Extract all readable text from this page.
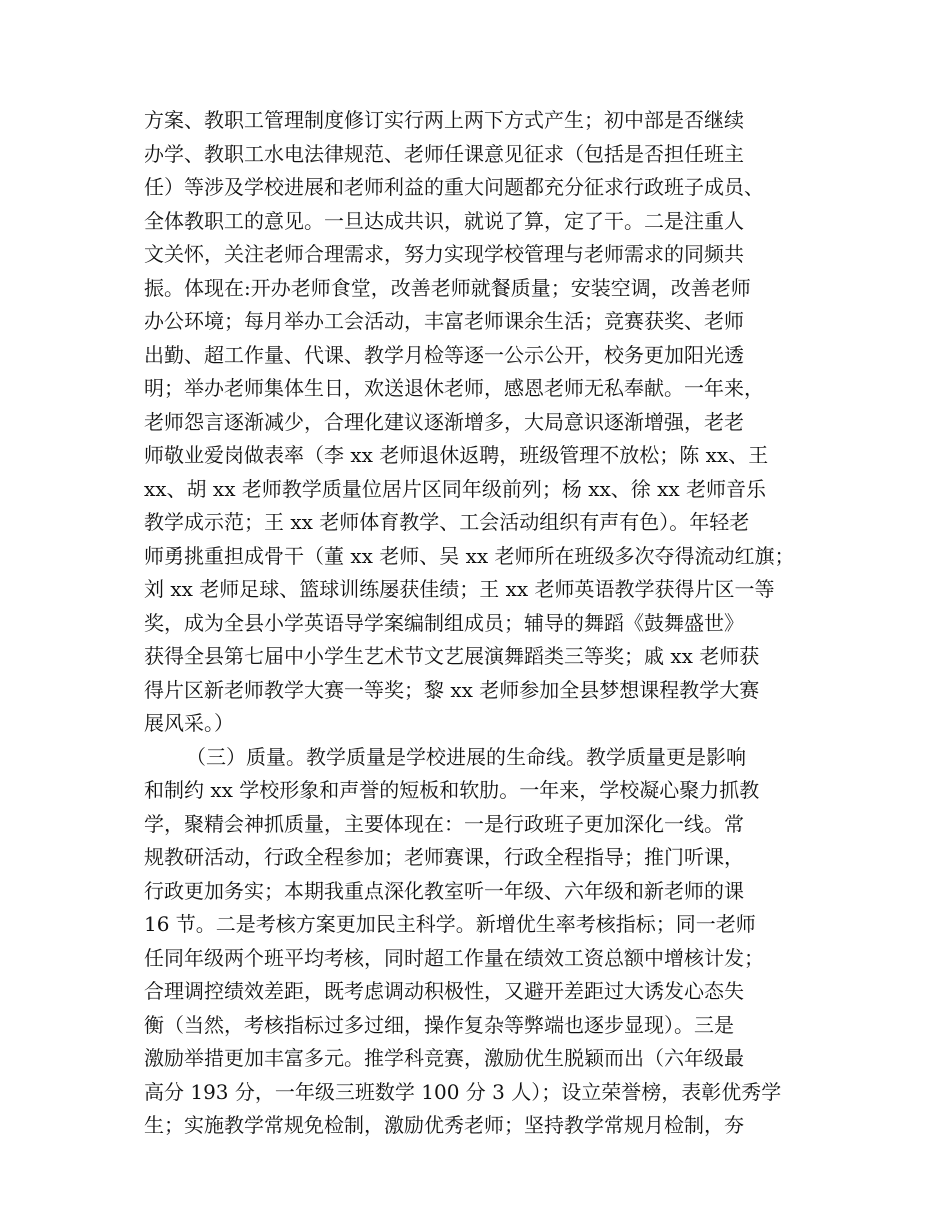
方案、教职工管理制度修订实行两上两下方式产生；初中部是否继续
办学、教职工水电法律规范、老师任课意见征求（包括是否担任班主
任）等涉及学校进展和老师利益的重大问题都充分征求行政班子成员、
全体教职工的意见。一旦达成共识，就说了算，定了干。二是注重人
文关怀，关注老师合理需求，努力实现学校管理与老师需求的同频共
振。体现在:开办老师食堂，改善老师就餐质量；安装空调，改善老师
办公环境；每月举办工会活动，丰富老师课余生活；竞赛获奖、老师
出勤、超工作量、代课、教学月检等逐一公示公开，校务更加阳光透
明；举办老师集体生日，欢送退休老师，感恩老师无私奉献。一年来，
老师怨言逐渐减少，合理化建议逐渐增多，大局意识逐渐增强，老老
师敬业爱岗做表率（李 xx 老师退休返聘，班级管理不放松；陈 xx、王
xx、胡 xx 老师教学质量位居片区同年级前列；杨 xx、徐 xx 老师音乐
教学成示范；王 xx 老师体育教学、工会活动组织有声有色）。年轻老
师勇挑重担成骨干（董 xx 老师、吴 xx 老师所在班级多次夺得流动红旗；
刘 xx 老师足球、篮球训练屡获佳绩；王 xx 老师英语教学获得片区一等
奖，成为全县小学英语导学案编制组成员；辅导的舞蹈《鼓舞盛世》
获得全县第七届中小学生艺术节文艺展演舞蹈类三等奖；戚 xx 老师获
得片区新老师教学大赛一等奖；黎 xx 老师参加全县梦想课程教学大赛
展风采。）
（三）质量。教学质量是学校进展的生命线。教学质量更是影响
和制约 xx 学校形象和声誉的短板和软肋。一年来，学校凝心聚力抓教
学，聚精会神抓质量，主要体现在：一是行政班子更加深化一线。常
规教研活动，行政全程参加；老师赛课，行政全程指导；推门听课，
行政更加务实；本期我重点深化教室听一年级、六年级和新老师的课
16 节。二是考核方案更加民主科学。新增优生率考核指标；同一老师
任同年级两个班平均考核，同时超工作量在绩效工资总额中增核计发；
合理调控绩效差距，既考虑调动积极性，又避开差距过大诱发心态失
衡（当然，考核指标过多过细，操作复杂等弊端也逐步显现）。三是
激励举措更加丰富多元。推学科竞赛，激励优生脱颖而出（六年级最
高分 193 分，一年级三班数学 100 分 3 人）；设立荣誉榜，表彰优秀学
生；实施教学常规免检制，激励优秀老师；坚持教学常规月检制，夯
